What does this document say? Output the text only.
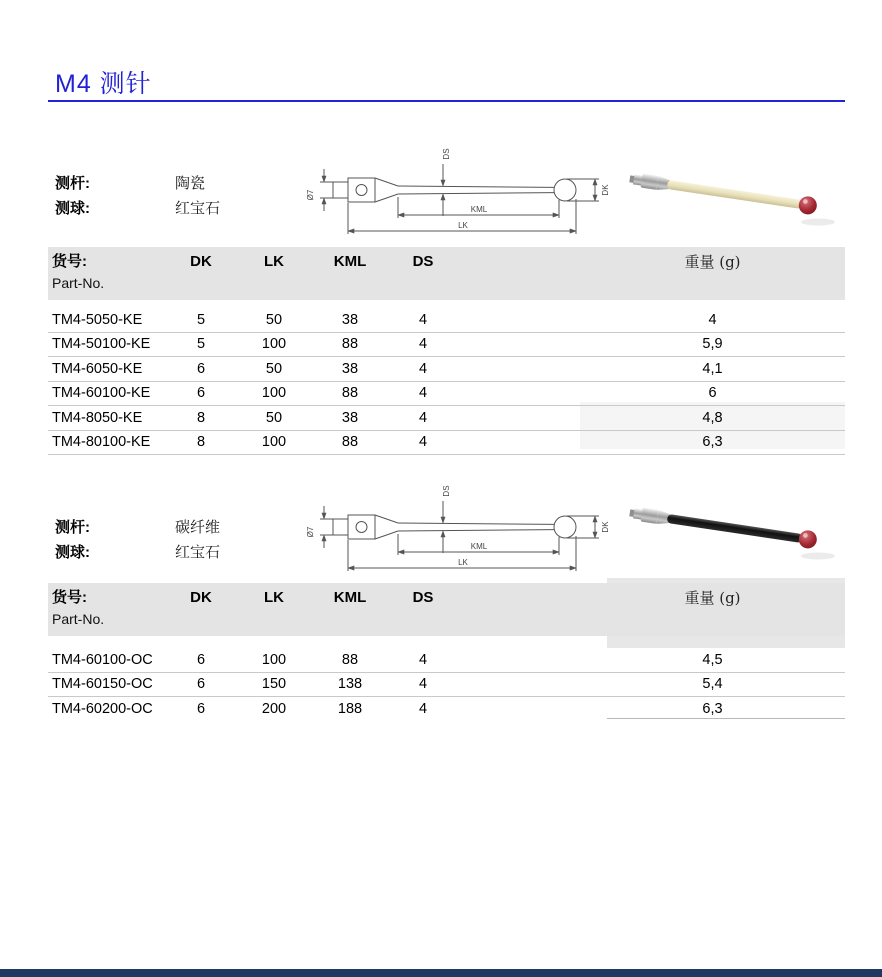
M4 测针
测杆:	陶瓷
测球:	红宝石
Ø7
DS
DK
KML
LK
货号:
Part-No.
DK	LK	KML	DS	重量 (g)
TM4-5050-KE	5	50	38	4	4
TM4-50100-KE	5	100	88	4	5,9
TM4-6050-KE	6	50	38	4	4,1
TM4-60100-KE	6	100	88	4	6
TM4-8050-KE	8	50	38	4	4,8
TM4-80100-KE	8	100	88	4	6,3
测杆:	碳纤维
测球:	红宝石
Ø7
DS
DK
KML
LK
货号:
Part-No.
DK	LK	KML	DS	重量 (g)
TM4-60100-OC	6	100	88	4	4,5
TM4-60150-OC	6	150	138	4	5,4
TM4-60200-OC	6	200	188	4	6,3
